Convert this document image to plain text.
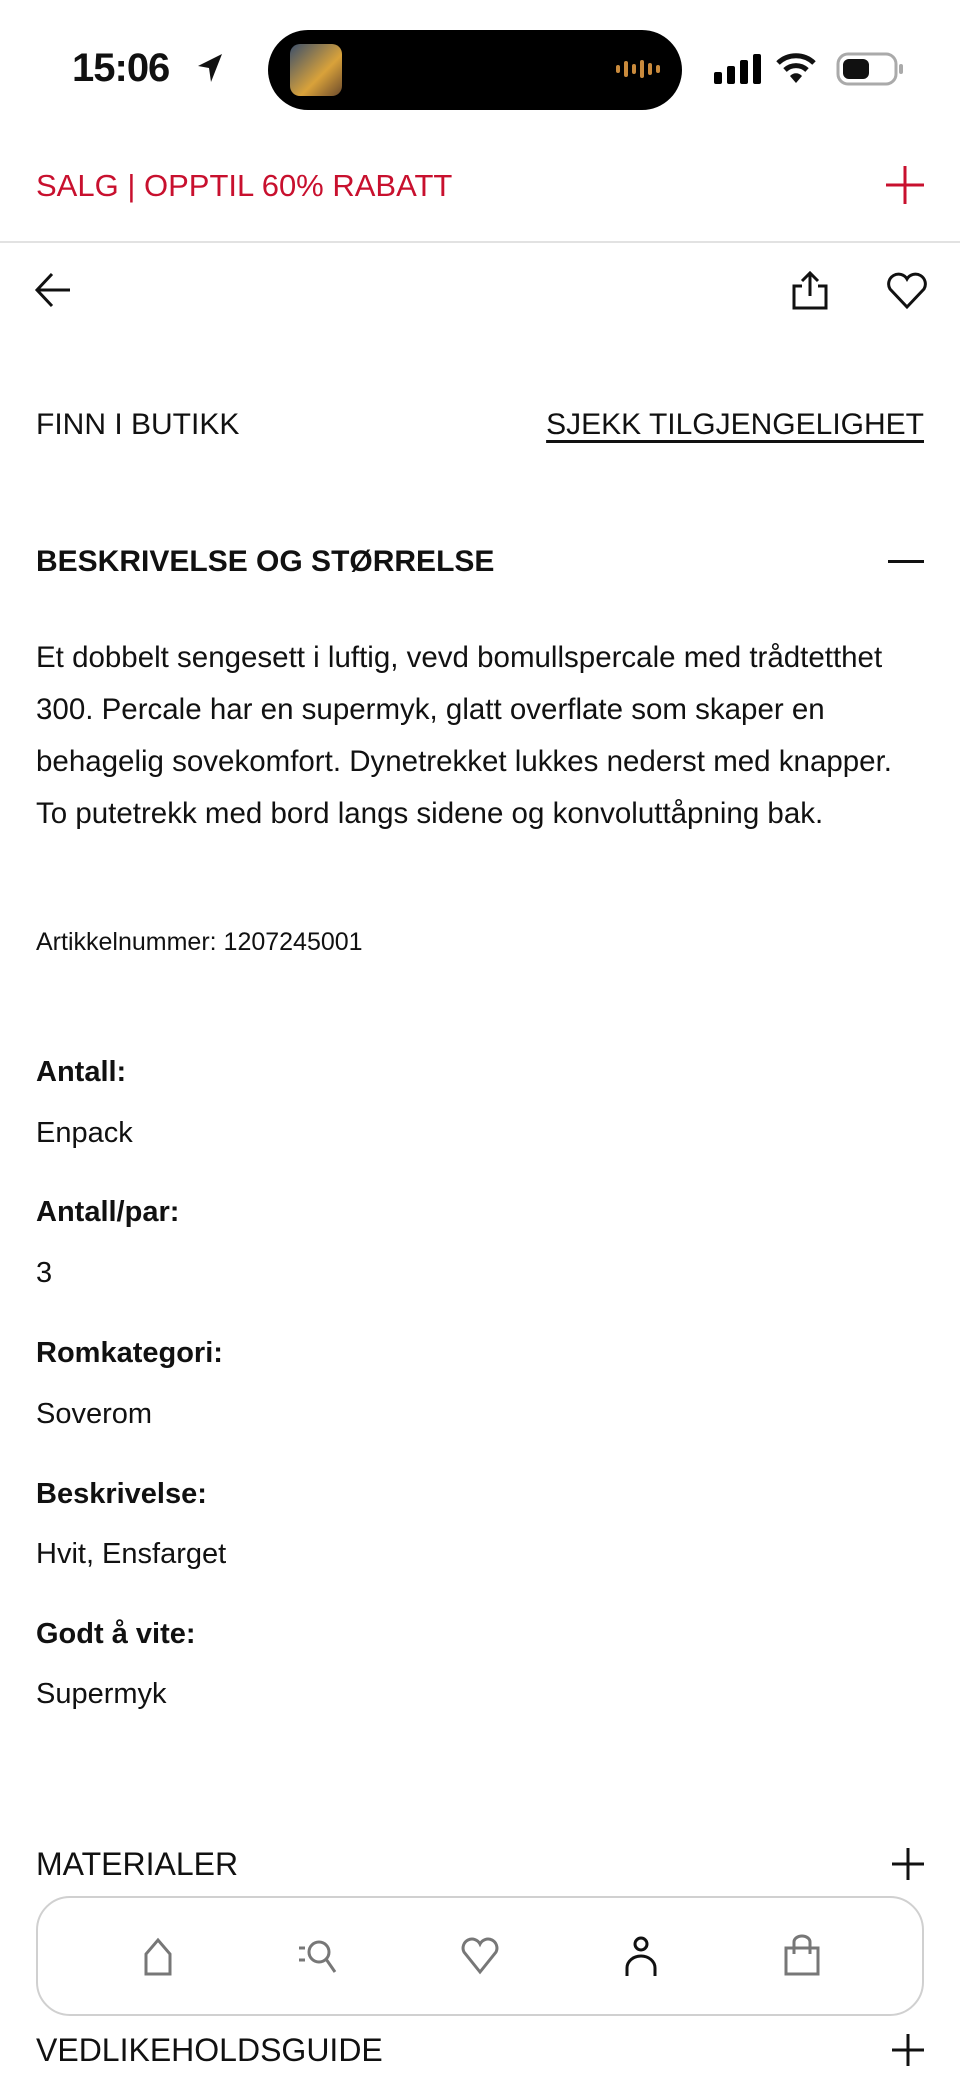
15:06
SALG | OPPTIL 60% RABATT
FINN I BUTIKK	SJEKK TILGJENGELIGHET
BESKRIVELSE OG STØRRELSE
Et dobbelt sengesett i luftig, vevd bomullspercale med trådtetthet 300. Percale har en supermyk, glatt overflate som skaper en behagelig sovekomfort. Dynetrekket lukkes nederst med knapper. To putetrekk med bord langs sidene og konvoluttåpning bak.
Artikkelnummer: 1207245001
Antall:
Enpack
Antall/par:
3
Romkategori:
Soverom
Beskrivelse:
Hvit, Ensfarget
Godt å vite:
Supermyk
MATERIALER
VEDLIKEHOLDSGUIDE
